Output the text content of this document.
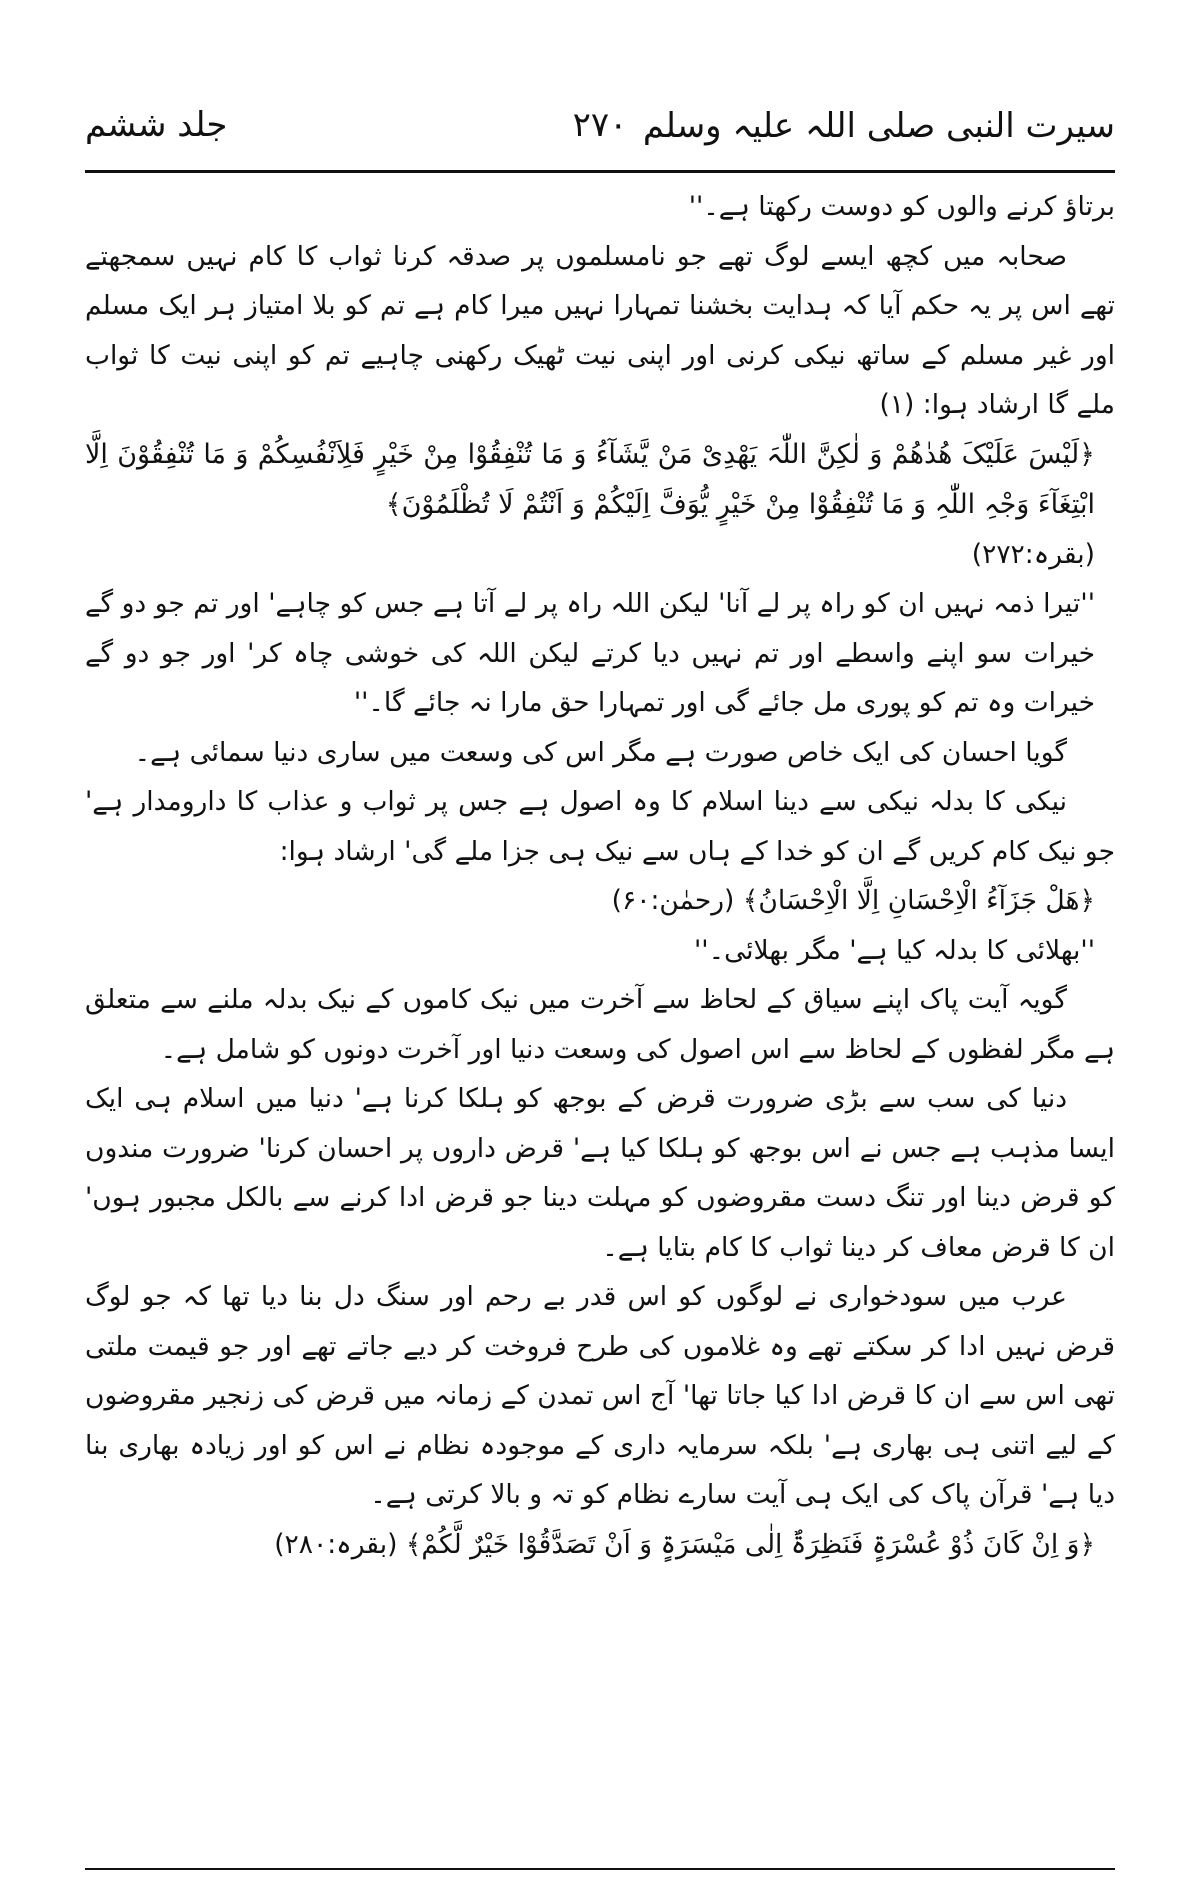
سیرت النبی صلی اللہ علیہ وسلم
۲۷۰
جلد ششم

برتاؤ کرنے والوں کو دوست رکھتا ہے۔''

صحابہ میں کچھ ایسے لوگ تھے جو نامسلموں پر صدقہ کرنا ثواب کا کام نہیں سمجھتے تھے اس پر یہ حکم آیا کہ ہدایت بخشنا تمہارا نہیں میرا کام ہے تم کو بلا امتیاز ہر ایک مسلم اور غیر مسلم کے ساتھ نیکی کرنی اور اپنی نیت ٹھیک رکھنی چاہیے تم کو اپنی نیت کا ثواب ملے گا ارشاد ہوا: (۱)

﴿لَیْسَ عَلَیْکَ ھُدٰھُمْ وَ لٰکِنَّ اللّٰہَ یَھْدِیْ مَنْ یَّشَآءُ وَ مَا تُنْفِقُوْا مِنْ خَیْرٍ فَلِاَنْفُسِکُمْ وَ مَا تُنْفِقُوْنَ اِلَّا ابْتِغَآءَ وَجْہِ اللّٰہِ وَ مَا تُنْفِقُوْا مِنْ خَیْرٍ یُّوَفَّ اِلَیْکُمْ وَ اَنْتُمْ لَا تُظْلَمُوْنَ﴾

(بقرہ:۲۷۲)

''تیرا ذمہ نہیں ان کو راہ پر لے آنا' لیکن اللہ راہ پر لے آتا ہے جس کو چاہے' اور تم جو دو گے خیرات سو اپنے واسطے اور تم نہیں دیا کرتے لیکن اللہ کی خوشی چاہ کر' اور جو دو گے خیرات وہ تم کو پوری مل جائے گی اور تمہارا حق مارا نہ جائے گا۔''

گویا احسان کی ایک خاص صورت ہے مگر اس کی وسعت میں ساری دنیا سمائی ہے۔

نیکی کا بدلہ نیکی سے دینا اسلام کا وہ اصول ہے جس پر ثواب و عذاب کا دارومدار ہے' جو نیک کام کریں گے ان کو خدا کے ہاں سے نیک ہی جزا ملے گی' ارشاد ہوا:

﴿ھَلْ جَزَآءُ الْاِحْسَانِ اِلَّا الْاِحْسَانُ﴾ (رحمٰن:۶۰)

''بھلائی کا بدلہ کیا ہے' مگر بھلائی۔''

گویہ آیت پاک اپنے سیاق کے لحاظ سے آخرت میں نیک کاموں کے نیک بدلہ ملنے سے متعلق ہے مگر لفظوں کے لحاظ سے اس اصول کی وسعت دنیا اور آخرت دونوں کو شامل ہے۔

دنیا کی سب سے بڑی ضرورت قرض کے بوجھ کو ہلکا کرنا ہے' دنیا میں اسلام ہی ایک ایسا مذہب ہے جس نے اس بوجھ کو ہلکا کیا ہے' قرض داروں پر احسان کرنا' ضرورت مندوں کو قرض دینا اور تنگ دست مقروضوں کو مہلت دینا جو قرض ادا کرنے سے بالکل مجبور ہوں' ان کا قرض معاف کر دینا ثواب کا کام بتایا ہے۔

عرب میں سودخواری نے لوگوں کو اس قدر بے رحم اور سنگ دل بنا دیا تھا کہ جو لوگ قرض نہیں ادا کر سکتے تھے وہ غلاموں کی طرح فروخت کر دیے جاتے تھے اور جو قیمت ملتی تھی اس سے ان کا قرض ادا کیا جاتا تھا' آج اس تمدن کے زمانہ میں قرض کی زنجیر مقروضوں کے لیے اتنی ہی بھاری ہے' بلکہ سرمایہ داری کے موجودہ نظام نے اس کو اور زیادہ بھاری بنا دیا ہے' قرآن پاک کی ایک ہی آیت سارے نظام کو تہ و بالا کرتی ہے۔

﴿وَ اِنْ کَانَ ذُوْ عُسْرَۃٍ فَنَظِرَۃٌ اِلٰی مَیْسَرَۃٍ وَ اَنْ تَصَدَّقُوْا خَیْرٌ لَّکُمْ﴾ (بقرہ:۲۸۰)
